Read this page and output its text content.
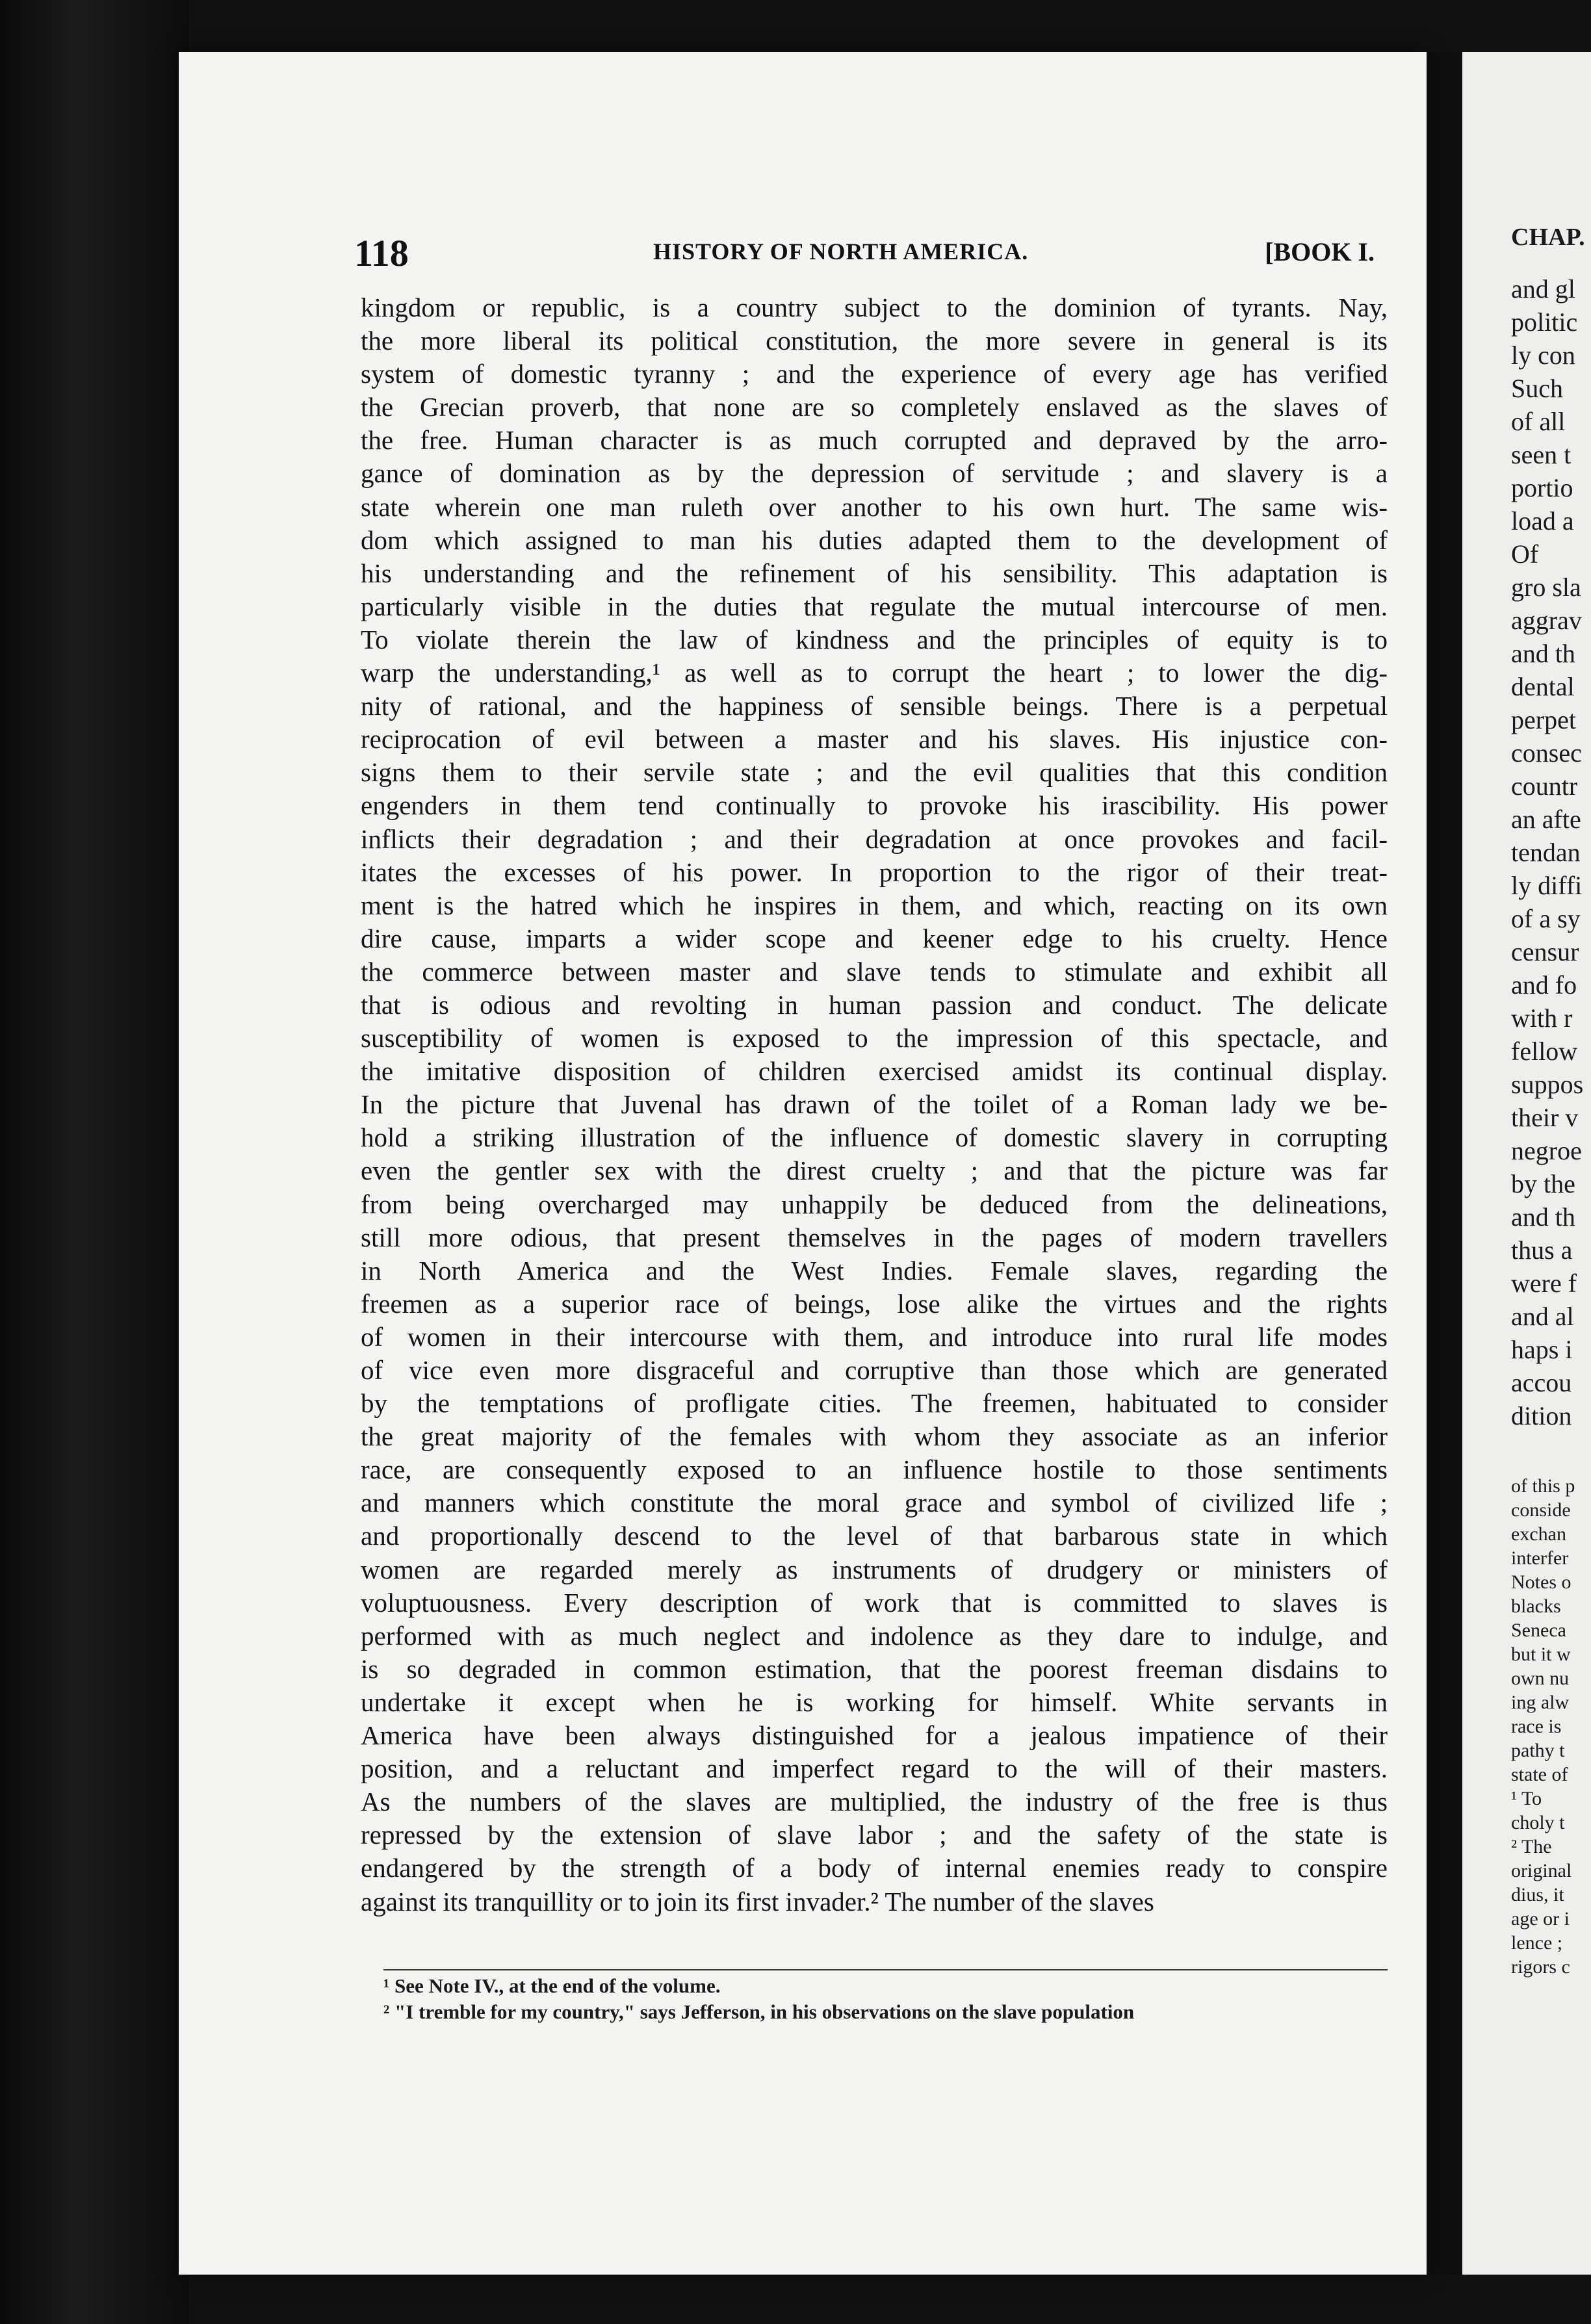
118	HISTORY OF NORTH AMERICA.	[BOOK I.
kingdom or republic, is a country subject to the dominion of tyrants. Nay,
the more liberal its political constitution, the more severe in general is its
system of domestic tyranny ; and the experience of every age has verified
the Grecian proverb, that none are so completely enslaved as the slaves of
the free. Human character is as much corrupted and depraved by the arro-
gance of domination as by the depression of servitude ; and slavery is a
state wherein one man ruleth over another to his own hurt. The same wis-
dom which assigned to man his duties adapted them to the development of
his understanding and the refinement of his sensibility. This adaptation is
particularly visible in the duties that regulate the mutual intercourse of men.
To violate therein the law of kindness and the principles of equity is to
warp the understanding,¹ as well as to corrupt the heart ; to lower the dig-
nity of rational, and the happiness of sensible beings. There is a perpetual
reciprocation of evil between a master and his slaves. His injustice con-
signs them to their servile state ; and the evil qualities that this condition
engenders in them tend continually to provoke his irascibility. His power
inflicts their degradation ; and their degradation at once provokes and facil-
itates the excesses of his power. In proportion to the rigor of their treat-
ment is the hatred which he inspires in them, and which, reacting on its own
dire cause, imparts a wider scope and keener edge to his cruelty. Hence
the commerce between master and slave tends to stimulate and exhibit all
that is odious and revolting in human passion and conduct. The delicate
susceptibility of women is exposed to the impression of this spectacle, and
the imitative disposition of children exercised amidst its continual display.
In the picture that Juvenal has drawn of the toilet of a Roman lady we be-
hold a striking illustration of the influence of domestic slavery in corrupting
even the gentler sex with the direst cruelty ; and that the picture was far
from being overcharged may unhappily be deduced from the delineations,
still more odious, that present themselves in the pages of modern travellers
in North America and the West Indies. Female slaves, regarding the
freemen as a superior race of beings, lose alike the virtues and the rights
of women in their intercourse with them, and introduce into rural life modes
of vice even more disgraceful and corruptive than those which are generated
by the temptations of profligate cities. The freemen, habituated to consider
the great majority of the females with whom they associate as an inferior
race, are consequently exposed to an influence hostile to those sentiments
and manners which constitute the moral grace and symbol of civilized life ;
and proportionally descend to the level of that barbarous state in which
women are regarded merely as instruments of drudgery or ministers of
voluptuousness. Every description of work that is committed to slaves is
performed with as much neglect and indolence as they dare to indulge, and
is so degraded in common estimation, that the poorest freeman disdains to
undertake it except when he is working for himself. White servants in
America have been always distinguished for a jealous impatience of their
position, and a reluctant and imperfect regard to the will of their masters.
As the numbers of the slaves are multiplied, the industry of the free is thus
repressed by the extension of slave labor ; and the safety of the state is
endangered by the strength of a body of internal enemies ready to conspire
against its tranquillity or to join its first invader.² The number of the slaves
¹ See Note IV., at the end of the volume.
² "I tremble for my country," says Jefferson, in his observations on the slave population
CHAP.
and gl
politic
ly con
Such
of all
seen t
portio
load a
Of
gro sla
aggrav
and th
dental
perpet
consec
countr
an afte
tendan
ly diffi
of a sy
censur
and fo
with r
fellow
suppos
their v
negroe
by the
and th
thus a
were f
and al
haps i
accou
dition
of this p
conside
exchan
interfer
Notes o
blacks
Seneca
but it w
own nu
ing alw
race is
pathy t
state of
¹ To
choly t
² The
original
dius, it
age or i
lence ;
rigors c
